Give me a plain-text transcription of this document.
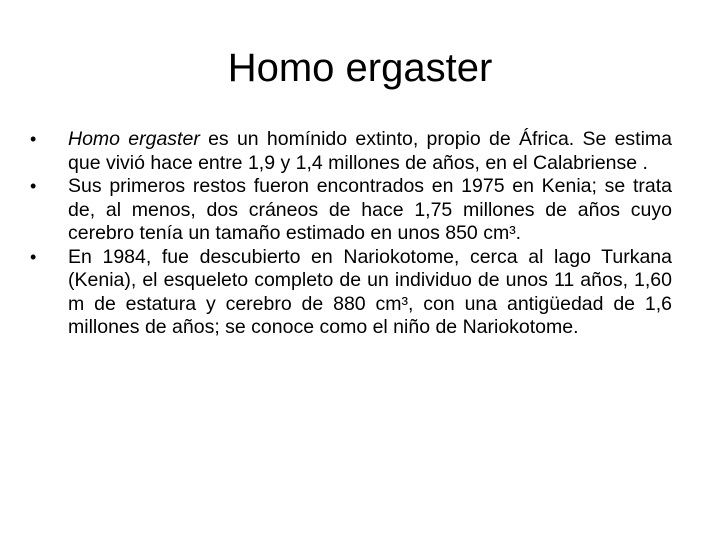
Homo ergaster
•	Homo ergaster es un homínido extinto, propio de África. Se estima que vivió hace entre 1,9 y 1,4 millones de años, en el Calabriense .
•	Sus primeros restos fueron encontrados en 1975 en Kenia; se trata de, al menos, dos cráneos de hace 1,75 millones de años cuyo cerebro tenía un tamaño estimado en unos 850 cm³.
•	En 1984, fue descubierto en Nariokotome, cerca al lago Turkana (Kenia), el esqueleto completo de un individuo de unos 11 años, 1,60 m de estatura y cerebro de 880 cm³, con una antigüedad de 1,6 millones de años; se conoce como el niño de Nariokotome.
